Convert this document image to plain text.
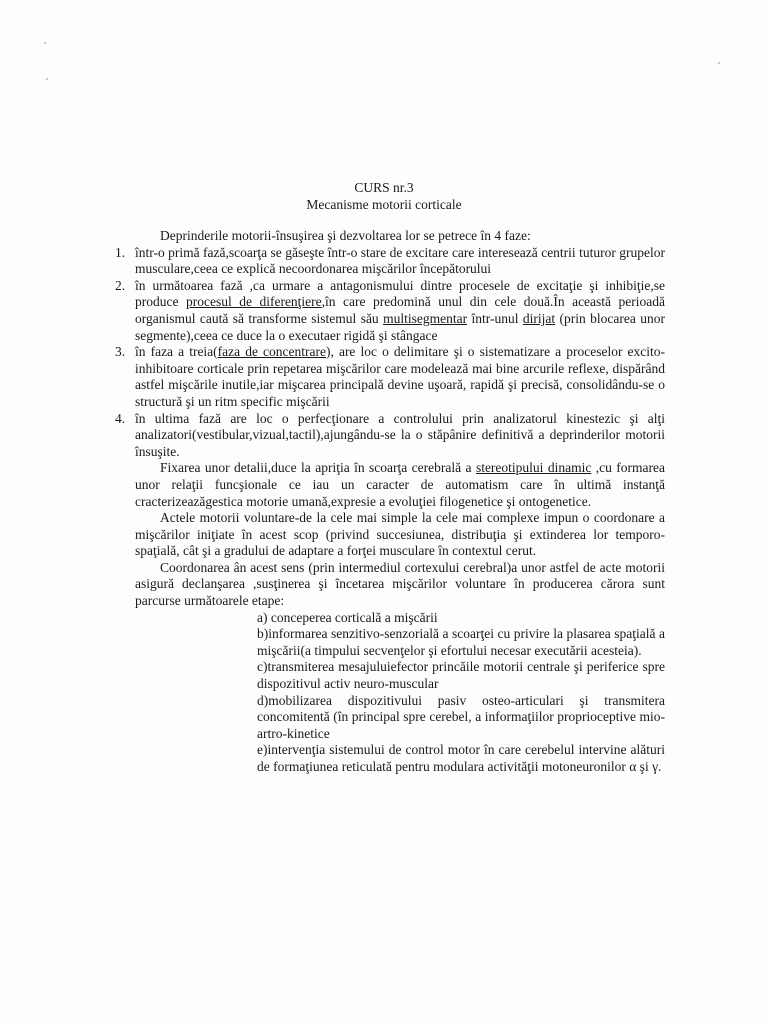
CURS nr.3
Mecanisme motorii corticale

Deprinderile motorii-însuşirea şi dezvoltarea lor se petrece în 4 faze:

1. într-o primă fază,scoarţa se găseşte într-o stare de excitare care interesează centrii tuturor grupelor musculare,ceea ce explică necoordonarea mişcărilor începătorului
2. în următoarea fază ,ca urmare a antagonismului dintre procesele de excitaţie şi inhibiţie,se produce procesul de diferenţiere,în care predomină unul din cele două.În această perioadă organismul caută să transforme sistemul său multisegmentar într-unul dirijat (prin blocarea unor segmente),ceea ce duce la o executaer rigidă şi stângace
3. în faza a treia(faza de concentrare), are loc o delimitare şi o sistematizare a proceselor excito-inhibitoare corticale prin repetarea mişcărilor care modelează mai bine arcurile reflexe, dispărând astfel mişcările inutile,iar mişcarea principală devine uşoară, rapidă şi precisă, consolidându-se o structură şi un ritm specific mişcării
4. în ultima fază are loc o perfecţionare a controlului prin analizatorul kinestezic şi alţi analizatori(vestibular,vizual,tactil),ajungându-se la o stăpânire definitivă a deprinderilor motorii însuşite.

Fixarea unor detalii,duce la apriţia în scoarţa cerebrală a stereotipului dinamic ,cu formarea unor relaţii funcşionale ce iau un caracter de automatism care în ultimă instanţă cracterizeazăgestica motorie umană,expresie a evoluţiei filogenetice şi ontogenetice.

Actele motorii voluntare-de la cele mai simple la cele mai complexe impun o coordonare a mişcărilor iniţiate în acest scop (privind succesiunea, distribuţia şi extinderea lor temporo-spaţială, cât şi a gradului de adaptare a forţei musculare în contextul cerut.

Coordonarea ân acest sens (prin intermediul cortexului cerebral)a unor astfel de acte motorii asigură declanşarea ,susţinerea şi încetarea mişcărilor voluntare în producerea cărora sunt parcurse următoarele etape:

a) conceperea corticală a mişcării
b)informarea senzitivo-senzorială a scoarţei cu privire la plasarea spaţială a mişcării(a timpului secvenţelor şi efortului necesar executării acesteia).
c)transmiterea mesajuluiefector princăile motorii centrale şi periferice spre dispozitivul activ neuro-muscular
d)mobilizarea dispozitivului pasiv osteo-articulari şi transmitera concomitentă (în principal spre cerebel, a informaţiilor proprioceptive mio-artro-kinetice
e)intervenţia sistemului de control motor în care cerebelul intervine alături de formaţiunea reticulată pentru modulara activităţii motoneuronilor α şi γ.
